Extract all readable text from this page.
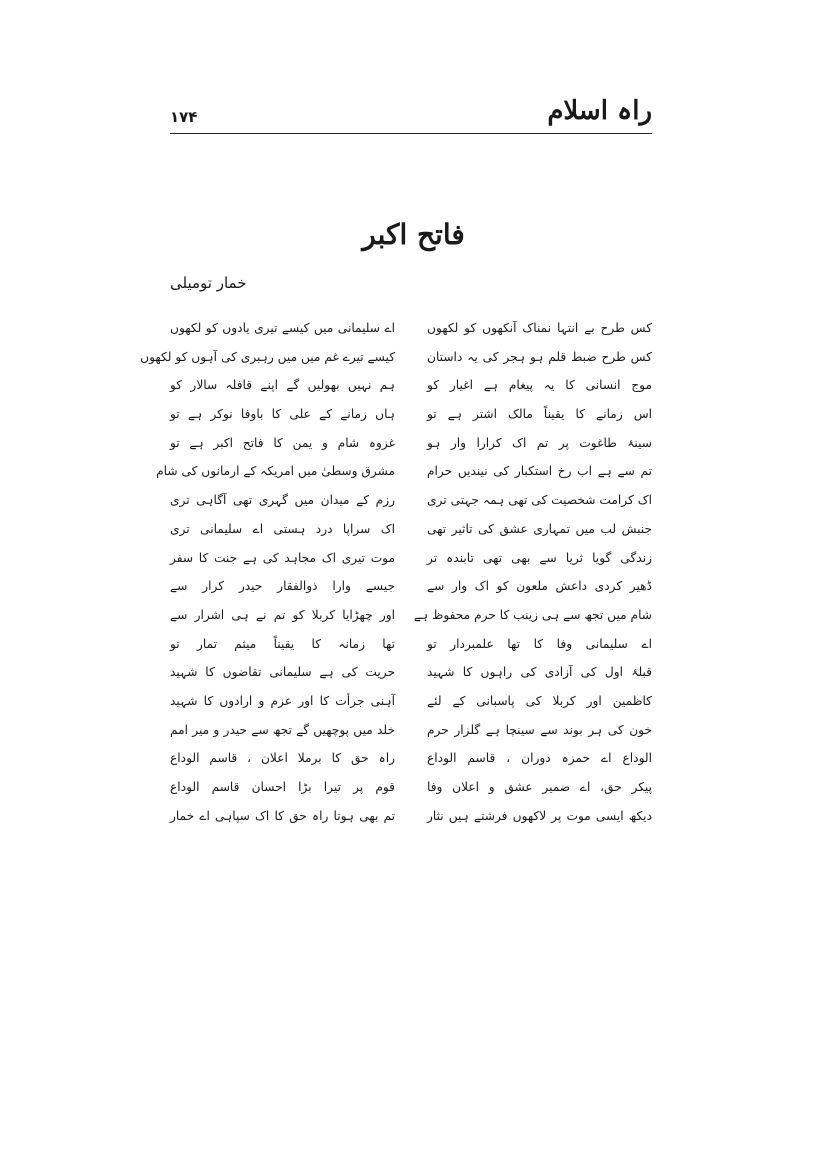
راہ اسلام
۱۷۴
فاتح اکبر
خمار تومیلی
کس طرح بے انتہا نمناک آنکھوں کو لکھوں
کس طرح ضبط قلم ہو ہجر کی یہ داستان
موج انسانی کا یہ پیغام ہے اغیار کو
اس زمانے کا یقیناً مالک اشتر ہے تو
سینۂ طاغوت پر تم اک کرارا وار ہو
تم سے ہے اب رخ استکبار کی نیندیں حرام
اک کرامت شخصیت کی تھی ہمہ جہتی تری
جنبش لب میں تمہاری عشق کی تاثیر تھی
زندگی گویا ثریا سے بھی تھی تابندہ تر
ڈھیر کردی داعش ملعون کو اک وار سے
شام میں تجھ سے ہی زینب کا حرم محفوظ ہے
اے سلیمانی وفا کا تھا علمبردار تو
قبلۂ اول کی آزادی کی راہوں کا شہید
کاظمین اور کربلا کی پاسبانی کے لئے
خون کی ہر بوند سے سینچا ہے گلزار حرم
الوداع اے حمزہ دوران ، قاسم الوداع
پیکر حق، اے ضمیر عشق و اعلان وفا
دیکھ ایسی موت پر لاکھوں فرشتے ہیں نثار
اے سلیمانی میں کیسے تیری یادوں کو لکھوں
کیسے تیرے غم میں میں رہبری کی آہوں کو لکھوں
ہم نہیں بھولیں گے اپنے قافلہ سالار کو
ہاں زمانے کے علی کا باوفا نوکر ہے تو
غزوہ شام و یمن کا فاتح اکبر ہے تو
مشرق وسطیٰ میں امریکہ کے ارمانوں کی شام
رزم کے میدان میں گہری تھی آگاہی تری
اک سراپا درد ہستی اے سلیمانی تری
موت تیری اک مجاہد کی ہے جنت کا سفر
جیسے وارا ذوالفقار حیدر کرار سے
اور چھڑایا کربلا کو تم نے ہی اشرار سے
تھا زمانہ کا یقیناً میثم تمار تو
حریت کی ہے سلیمانی تقاضوں کا شہید
آہنی جرأت کا اور عزم و ارادوں کا شہید
خلد میں پوچھیں گے تجھ سے حیدر و میر امم
راہ حق کا برملا اعلان ، قاسم الوداع
قوم پر تیرا بڑا احسان قاسم الوداع
تم بھی ہوتا راہ حق کا اک سپاہی اے خمار
